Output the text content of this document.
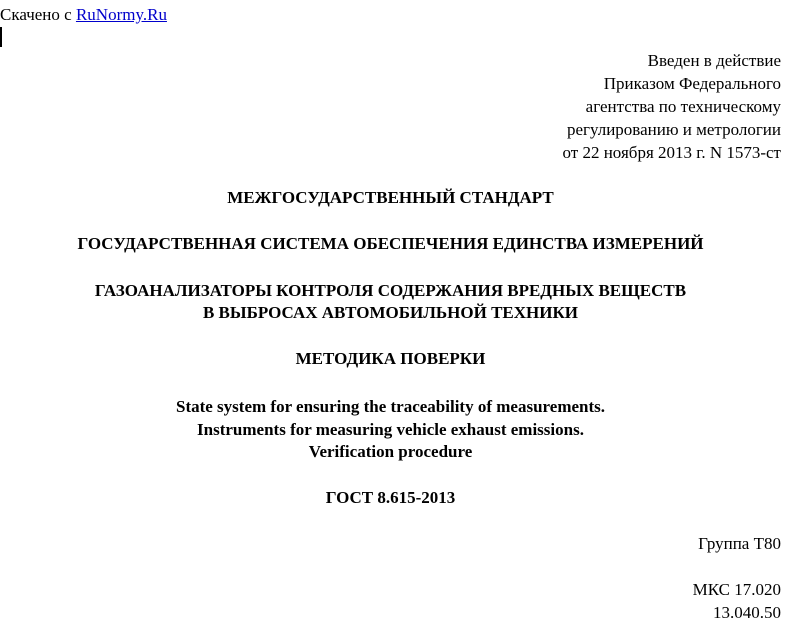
Скачено с RuNormy.Ru
Введен в действие
Приказом Федерального
агентства по техническому
регулированию и метрологии
от 22 ноября 2013 г. N 1573-ст
МЕЖГОСУДАРСТВЕННЫЙ СТАНДАРТ
ГОСУДАРСТВЕННАЯ СИСТЕМА ОБЕСПЕЧЕНИЯ ЕДИНСТВА ИЗМЕРЕНИЙ
ГАЗОАНАЛИЗАТОРЫ КОНТРОЛЯ СОДЕРЖАНИЯ ВРЕДНЫХ ВЕЩЕСТВ
В ВЫБРОСАХ АВТОМОБИЛЬНОЙ ТЕХНИКИ
МЕТОДИКА ПОВЕРКИ
State system for ensuring the traceability of measurements.
Instruments for measuring vehicle exhaust emissions.
Verification procedure
ГОСТ 8.615-2013
Группа Т80
МКС 17.020
13.040.50
